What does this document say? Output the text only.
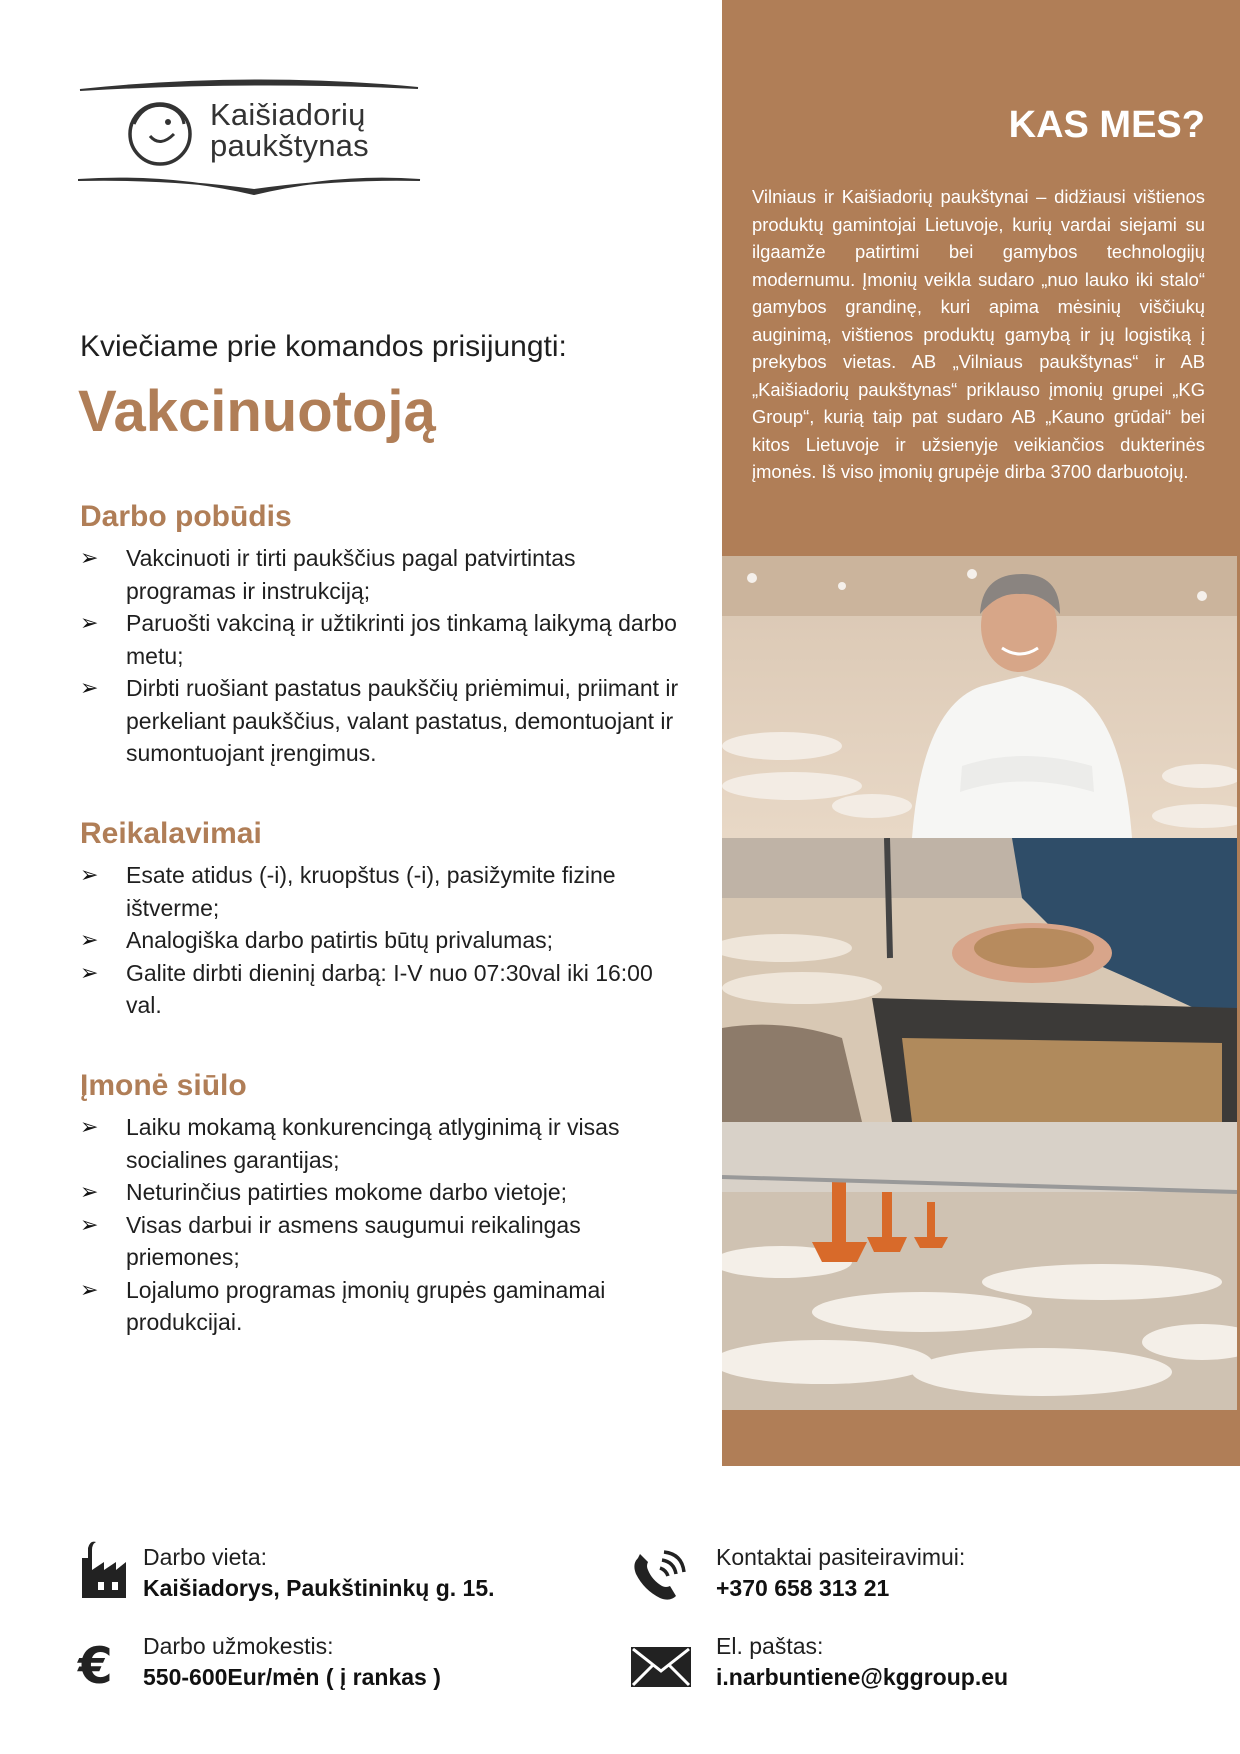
Kaišiadorių
paukštynas
Kviečiame prie komandos prisijungti:
Vakcinuotoją
Darbo pobūdis
➢ Vakcinuoti ir tirti paukščius pagal patvirtintas programas ir instrukciją;
➢ Paruošti vakciną ir užtikrinti jos tinkamą laikymą darbo metu;
➢ Dirbti ruošiant pastatus paukščių priėmimui, priimant ir perkeliant paukščius, valant pastatus, demontuojant ir sumontuojant įrengimus.
Reikalavimai
➢ Esate atidus (-i), kruopštus (-i), pasižymite fizine ištverme;
➢ Analogiška darbo patirtis būtų privalumas;
➢ Galite dirbti dieninį darbą: I-V nuo 07:30val iki 16:00 val.
Įmonė siūlo
➢ Laiku mokamą konkurencingą atlyginimą ir visas socialines garantijas;
➢ Neturinčius patirties mokome darbo vietoje;
➢ Visas darbui ir asmens saugumui reikalingas priemones;
➢ Lojalumo programas įmonių grupės gaminamai produkcijai.
KAS MES?

Vilniaus ir Kaišiadorių paukštynai – didžiausi vištienos produktų gamintojai Lietuvoje, kurių vardai siejami su ilgaamže patirtimi bei gamybos technologijų modernumu. Įmonių veikla sudaro „nuo lauko iki stalo“ gamybos grandinę, kuri apima mėsinių viščiukų auginimą, vištienos produktų gamybą ir jų logistiką į prekybos vietas. AB „Vilniaus paukštynas“ ir AB „Kaišiadorių paukštynas“ priklauso įmonių grupei „KG Group“, kurią taip pat sudaro AB „Kauno grūdai“ bei kitos Lietuvoje ir užsienyje veikiančios dukterinės įmonės. Iš viso įmonių grupėje dirba 3700 darbuotojų.

Darbo vieta:
Kaišiadorys, Paukštininkų g. 15.
€ Darbo užmokestis:
550-600Eur/mėn ( į rankas )
Kontaktai pasiteiravimui:
+370 658 313 21
El. paštas:
i.narbuntiene@kggroup.eu
